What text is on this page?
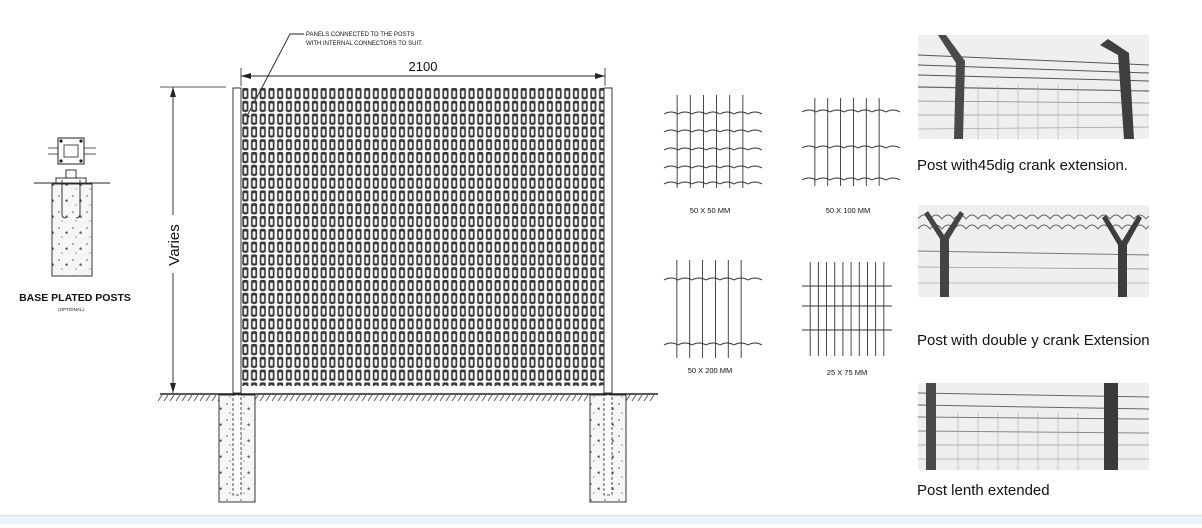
PANELS CONNECTED TO THE POSTS
WITH INTERNAL CONNECTORS TO SUIT.
2100
Varies
BASE PLATED POSTS
(OPTIONAL)
50 X 50 MM	50 X 100 MM
50 X 200 MM	25 X 75 MM
Post with45dig crank extension.
Post with double y crank Extension
Post lenth extended
